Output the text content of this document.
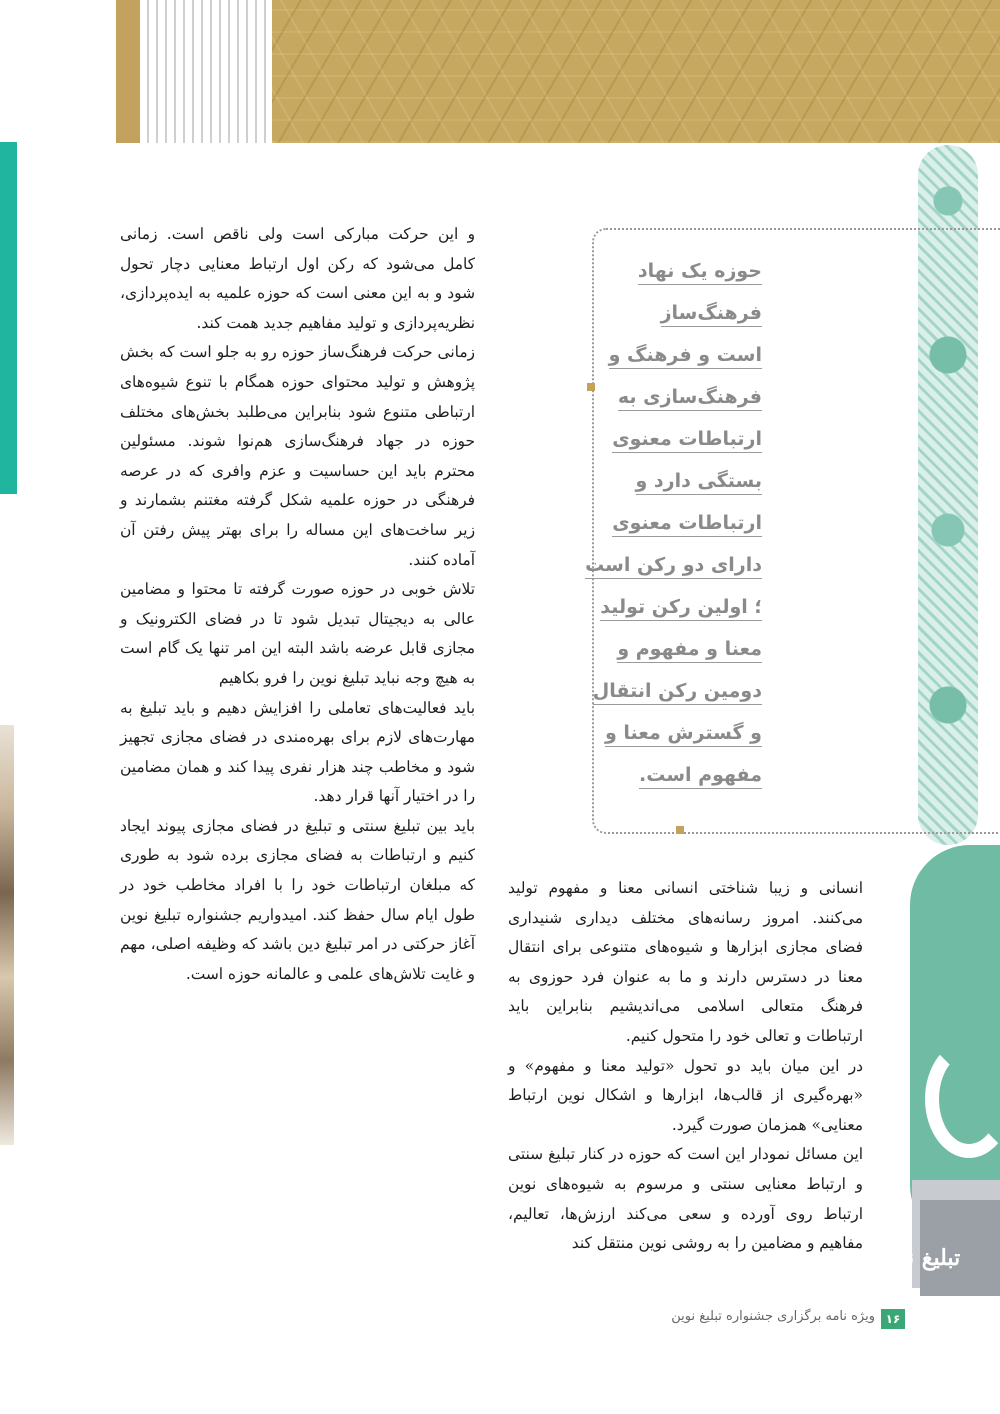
تبلیغ نوین
حوزه یک نهاد
فرهنگ‌ساز
است و فرهنگ و
فرهنگ‌سازی به
ارتباطات معنوی
بستگی دارد و
ارتباطات معنوی
دارای دو رکن است
؛ اولین رکن تولید
معنا و مفهوم و
دومین رکن انتقال
و گسترش معنا و
مفهوم است.

و این حرکت مبارکی است ولی ناقص است. زمانی کامل می‌شود که رکن اول ارتباط معنایی دچار تحول شود و به این معنی است که حوزه علمیه به ایده‌پردازی، نظریه‌پردازی و تولید مفاهیم جدید همت کند.

زمانی حرکت فرهنگ‌ساز حوزه رو به جلو است که بخش پژوهش و تولید محتوای حوزه همگام با تنوع شیوه‌های ارتباطی متنوع شود بنابراین می‌طلبد بخش‌های مختلف حوزه در جهاد فرهنگ‌سازی هم‌نوا شوند. مسئولین محترم باید این حساسیت و عزم وافری که در عرصه فرهنگی در حوزه علمیه شکل گرفته مغتنم بشمارند و زیر ساخت‌های این مساله را برای بهتر پیش رفتن آن آماده کنند.

تلاش خوبی در حوزه صورت گرفته تا محتوا و مضامین عالی به دیجیتال تبدیل شود تا در فضای الکترونیک و مجازی قابل عرضه باشد البته این امر تنها یک گام است به هیچ وجه نباید تبلیغ نوین را فرو بکاهیم

باید فعالیت‌های تعاملی را افزایش دهیم و باید تبلیغ به مهارت‌های لازم برای بهره‌مندی در فضای مجازی تجهیز شود و مخاطب چند هزار نفری پیدا کند و همان مضامین را در اختیار آنها قرار دهد.

باید بین تبلیغ سنتی و تبلیغ در فضای مجازی پیوند ایجاد کنیم و ارتباطات به فضای مجازی برده شود به طوری که مبلغان ارتباطات خود را با افراد مخاطب خود در طول ایام سال حفظ کند. امیدواریم جشنواره تبلیغ نوین آغاز حرکتی در امر تبلیغ دین باشد که وظیفه اصلی، مهم و غایت تلاش‌های علمی و عالمانه حوزه است.

انسانی و زیبا شناختی انسانی معنا و مفهوم تولید می‌کنند. امروز رسانه‌های مختلف دیداری شنیداری فضای مجازی ابزارها و شیوه‌های متنوعی برای انتقال معنا در دسترس دارند و ما به عنوان فرد حوزوی به فرهنگ متعالی اسلامی می‌اندیشیم بنابراین باید ارتباطات و تعالی خود را متحول کنیم.

در این میان باید دو تحول «تولید معنا و مفهوم» و «بهره‌گیری از قالب‌ها، ابزارها و اشکال نوین ارتباط معنایی» همزمان صورت گیرد.

این مسائل نمودار این است که حوزه در کنار تبلیغ سنتی و ارتباط معنایی سنتی و مرسوم به شیوه‌های نوین ارتباط روی آورده و سعی می‌کند ارزش‌ها، تعالیم، مفاهیم و مضامین را به روشی نوین منتقل کند

ویژه نامه برگزاری جشنواره تبلیغ نوین ۱۶
